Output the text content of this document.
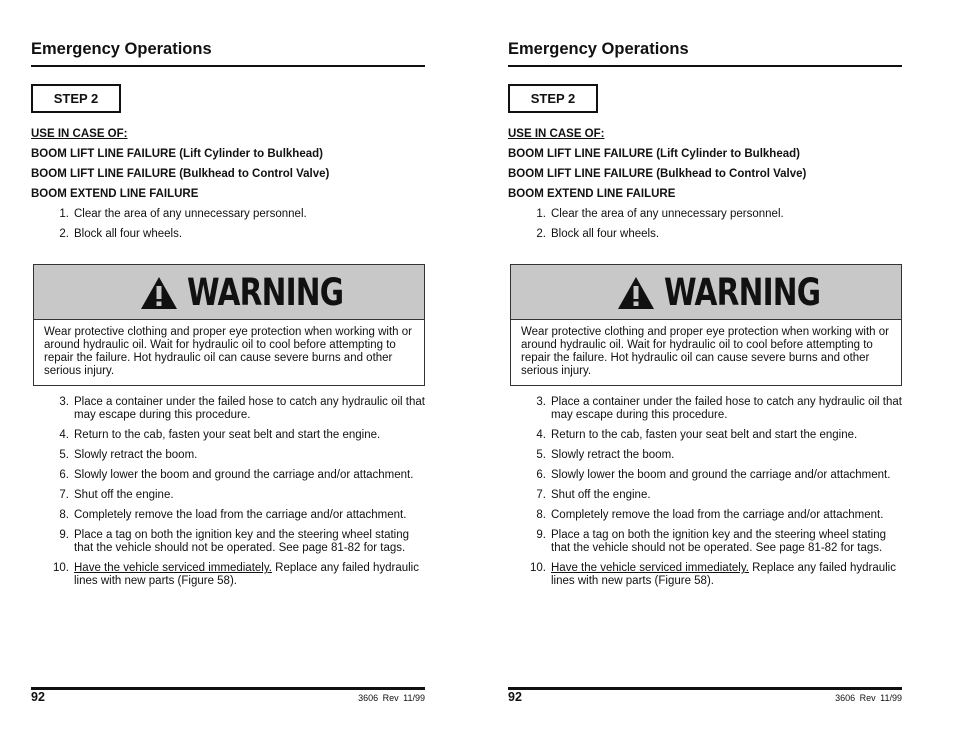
Emergency Operations
STEP 2
USE IN CASE OF:
BOOM LIFT LINE FAILURE (Lift Cylinder to Bulkhead)
BOOM LIFT LINE FAILURE (Bulkhead to Control Valve)
BOOM EXTEND LINE FAILURE
1. Clear the area of any unnecessary personnel.
2. Block all four wheels.
WARNING
Wear protective clothing and proper eye protection when working with or around hydraulic oil. Wait for hydraulic oil to cool before attempting to repair the failure. Hot hydraulic oil can cause severe burns and other serious injury.
3. Place a container under the failed hose to catch any hydraulic oil that may escape during this procedure.
4. Return to the cab, fasten your seat belt and start the engine.
5. Slowly retract the boom.
6. Slowly lower the boom and ground the carriage and/or attachment.
7. Shut off the engine.
8. Completely remove the load from the carriage and/or attachment.
9. Place a tag on both the ignition key and the steering wheel stating that the vehicle should not be operated. See page 81-82 for tags.
10. Have the vehicle serviced immediately. Replace any failed hydraulic lines with new parts (Figure 58).
92	3606 Rev 11/99
Emergency Operations
STEP 2
USE IN CASE OF:
BOOM LIFT LINE FAILURE (Lift Cylinder to Bulkhead)
BOOM LIFT LINE FAILURE (Bulkhead to Control Valve)
BOOM EXTEND LINE FAILURE
1. Clear the area of any unnecessary personnel.
2. Block all four wheels.
WARNING
Wear protective clothing and proper eye protection when working with or around hydraulic oil. Wait for hydraulic oil to cool before attempting to repair the failure. Hot hydraulic oil can cause severe burns and other serious injury.
3. Place a container under the failed hose to catch any hydraulic oil that may escape during this procedure.
4. Return to the cab, fasten your seat belt and start the engine.
5. Slowly retract the boom.
6. Slowly lower the boom and ground the carriage and/or attachment.
7. Shut off the engine.
8. Completely remove the load from the carriage and/or attachment.
9. Place a tag on both the ignition key and the steering wheel stating that the vehicle should not be operated. See page 81-82 for tags.
10. Have the vehicle serviced immediately. Replace any failed hydraulic lines with new parts (Figure 58).
92	3606 Rev 11/99
